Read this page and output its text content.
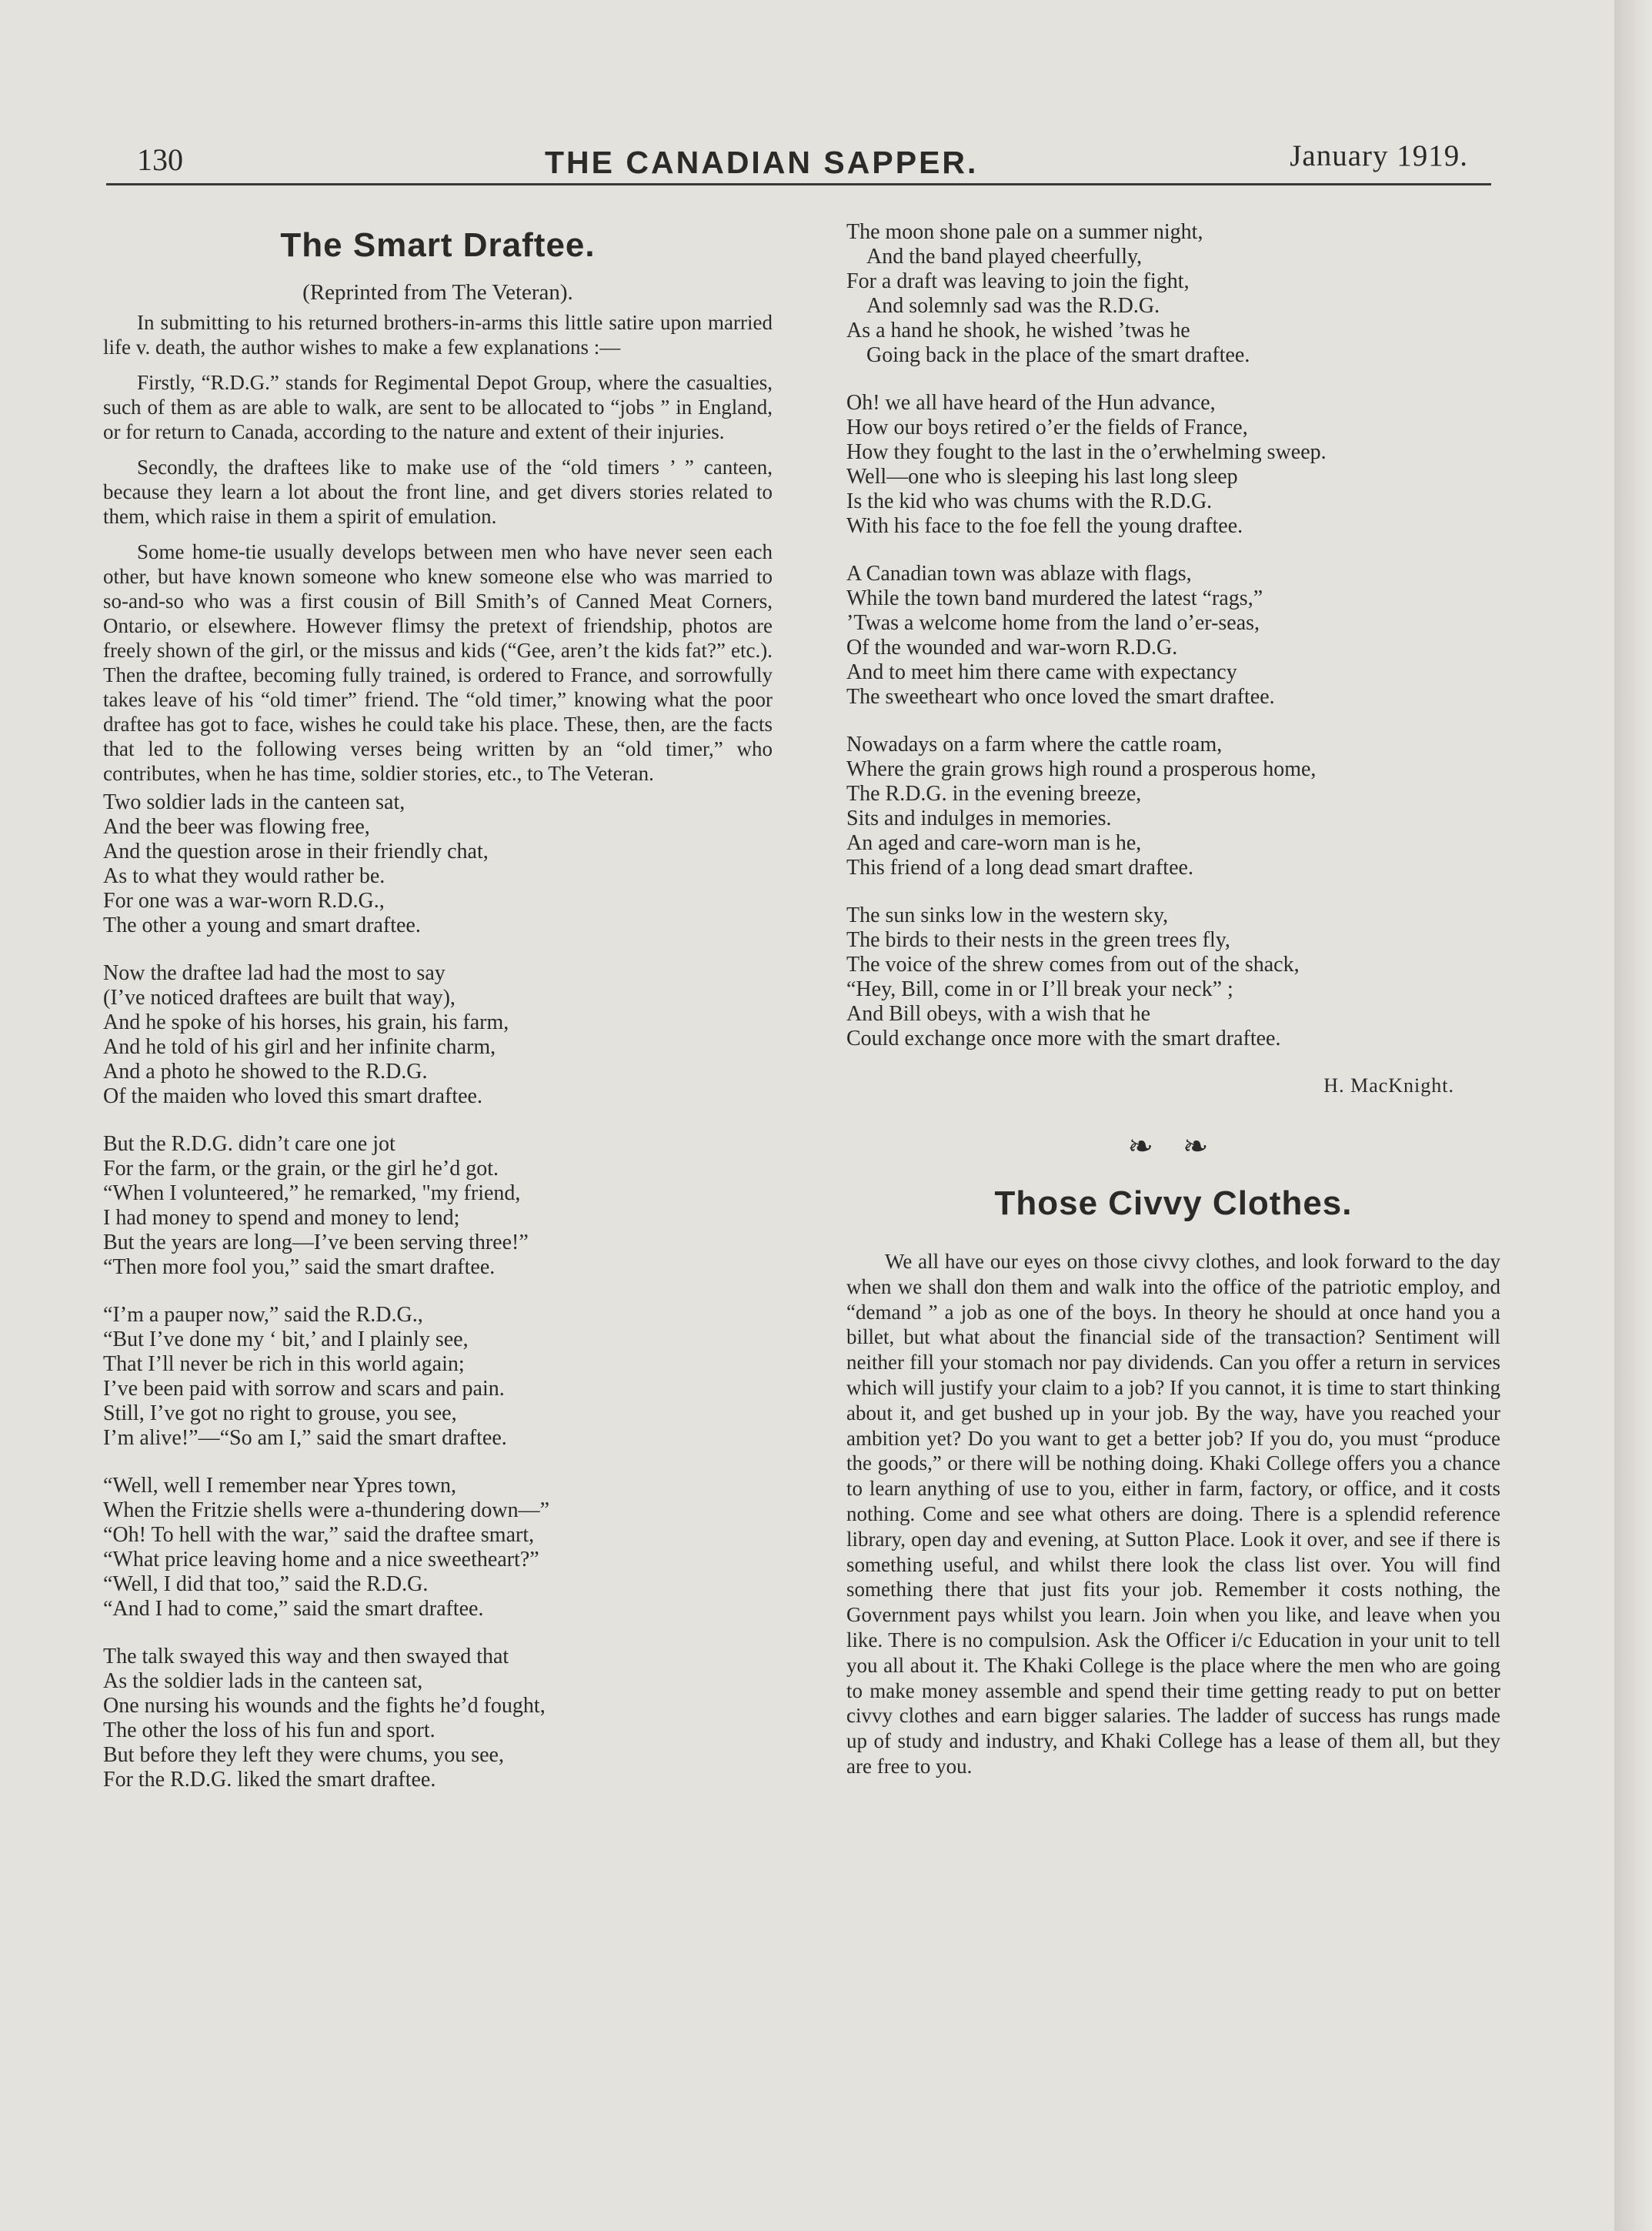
130	THE CANADIAN SAPPER.	January 1919.
The Smart Draftee.
(Reprinted from The Veteran).

In submitting to his returned brothers-in-arms this little satire upon married life v. death, the author wishes to make a few explanations :—

Firstly, “R.D.G.” stands for Regimental Depot Group, where the casualties, such of them as are able to walk, are sent to be allocated to “jobs ” in England, or for return to Canada, according to the nature and extent of their injuries.

Secondly, the draftees like to make use of the “old timers ’ ” canteen, because they learn a lot about the front line, and get divers stories related to them, which raise in them a spirit of emulation.

Some home-tie usually develops between men who have never seen each other, but have known someone who knew someone else who was married to so-and-so who was a first cousin of Bill Smith’s of Canned Meat Corners, Ontario, or elsewhere. However flimsy the pretext of friendship, photos are freely shown of the girl, or the missus and kids (“Gee, aren’t the kids fat?” etc.). Then the draftee, becoming fully trained, is ordered to France, and sorrowfully takes leave of his “old timer” friend. The “old timer,” knowing what the poor draftee has got to face, wishes he could take his place. These, then, are the facts that led to the following verses being written by an “old timer,” who contributes, when he has time, soldier stories, etc., to The Veteran.

Two soldier lads in the canteen sat,
And the beer was flowing free,
And the question arose in their friendly chat,
As to what they would rather be.
For one was a war-worn R.D.G.,
The other a young and smart draftee.
Now the draftee lad had the most to say
(I’ve noticed draftees are built that way),
And he spoke of his horses, his grain, his farm,
And he told of his girl and her infinite charm,
And a photo he showed to the R.D.G.
Of the maiden who loved this smart draftee.
But the R.D.G. didn’t care one jot
For the farm, or the grain, or the girl he’d got.
“When I volunteered,” he remarked, "my friend,
I had money to spend and money to lend;
But the years are long—I’ve been serving three!”
“Then more fool you,” said the smart draftee.
“I’m a pauper now,” said the R.D.G.,
“But I’ve done my ‘ bit,’ and I plainly see,
That I’ll never be rich in this world again;
I’ve been paid with sorrow and scars and pain.
Still, I’ve got no right to grouse, you see,
I’m alive!”—“So am I,” said the smart draftee.
“Well, well I remember near Ypres town,
When the Fritzie shells were a-thundering down—”
“Oh! To hell with the war,” said the draftee smart,
“What price leaving home and a nice sweetheart?”
“Well, I did that too,” said the R.D.G.
“And I had to come,” said the smart draftee.
The talk swayed this way and then swayed that
As the soldier lads in the canteen sat,
One nursing his wounds and the fights he’d fought,
The other the loss of his fun and sport.
But before they left they were chums, you see,
For the R.D.G. liked the smart draftee.
The moon shone pale on a summer night,
And the band played cheerfully,
For a draft was leaving to join the fight,
And solemnly sad was the R.D.G.
As a hand he shook, he wished ’twas he
Going back in the place of the smart draftee.
Oh! we all have heard of the Hun advance,
How our boys retired o’er the fields of France,
How they fought to the last in the o’erwhelming sweep.
Well—one who is sleeping his last long sleep
Is the kid who was chums with the R.D.G.
With his face to the foe fell the young draftee.
A Canadian town was ablaze with flags,
While the town band murdered the latest “rags,”
’Twas a welcome home from the land o’er-seas,
Of the wounded and war-worn R.D.G.
And to meet him there came with expectancy
The sweetheart who once loved the smart draftee.
Nowadays on a farm where the cattle roam,
Where the grain grows high round a prosperous home,
The R.D.G. in the evening breeze,
Sits and indulges in memories.
An aged and care-worn man is he,
This friend of a long dead smart draftee.
The sun sinks low in the western sky,
The birds to their nests in the green trees fly,
The voice of the shrew comes from out of the shack,
“Hey, Bill, come in or I’ll break your neck” ;
And Bill obeys, with a wish that he
Could exchange once more with the smart draftee.
H. MacKnight.
❧ ❧
Those Civvy Clothes.

We all have our eyes on those civvy clothes, and look forward to the day when we shall don them and walk into the office of the patriotic employ, and “demand ” a job as one of the boys. In theory he should at once hand you a billet, but what about the financial side of the transaction? Sentiment will neither fill your stomach nor pay dividends. Can you offer a return in services which will justify your claim to a job? If you cannot, it is time to start thinking about it, and get bushed up in your job. By the way, have you reached your ambition yet? Do you want to get a better job? If you do, you must “produce the goods,” or there will be nothing doing. Khaki College offers you a chance to learn anything of use to you, either in farm, factory, or office, and it costs nothing. Come and see what others are doing. There is a splendid reference library, open day and evening, at Sutton Place. Look it over, and see if there is something useful, and whilst there look the class list over. You will find something there that just fits your job. Remember it costs nothing, the Government pays whilst you learn. Join when you like, and leave when you like. There is no compulsion. Ask the Officer i/c Education in your unit to tell you all about it. The Khaki College is the place where the men who are going to make money assemble and spend their time getting ready to put on better civvy clothes and earn bigger salaries. The ladder of success has rungs made up of study and industry, and Khaki College has a lease of them all, but they are free to you.
